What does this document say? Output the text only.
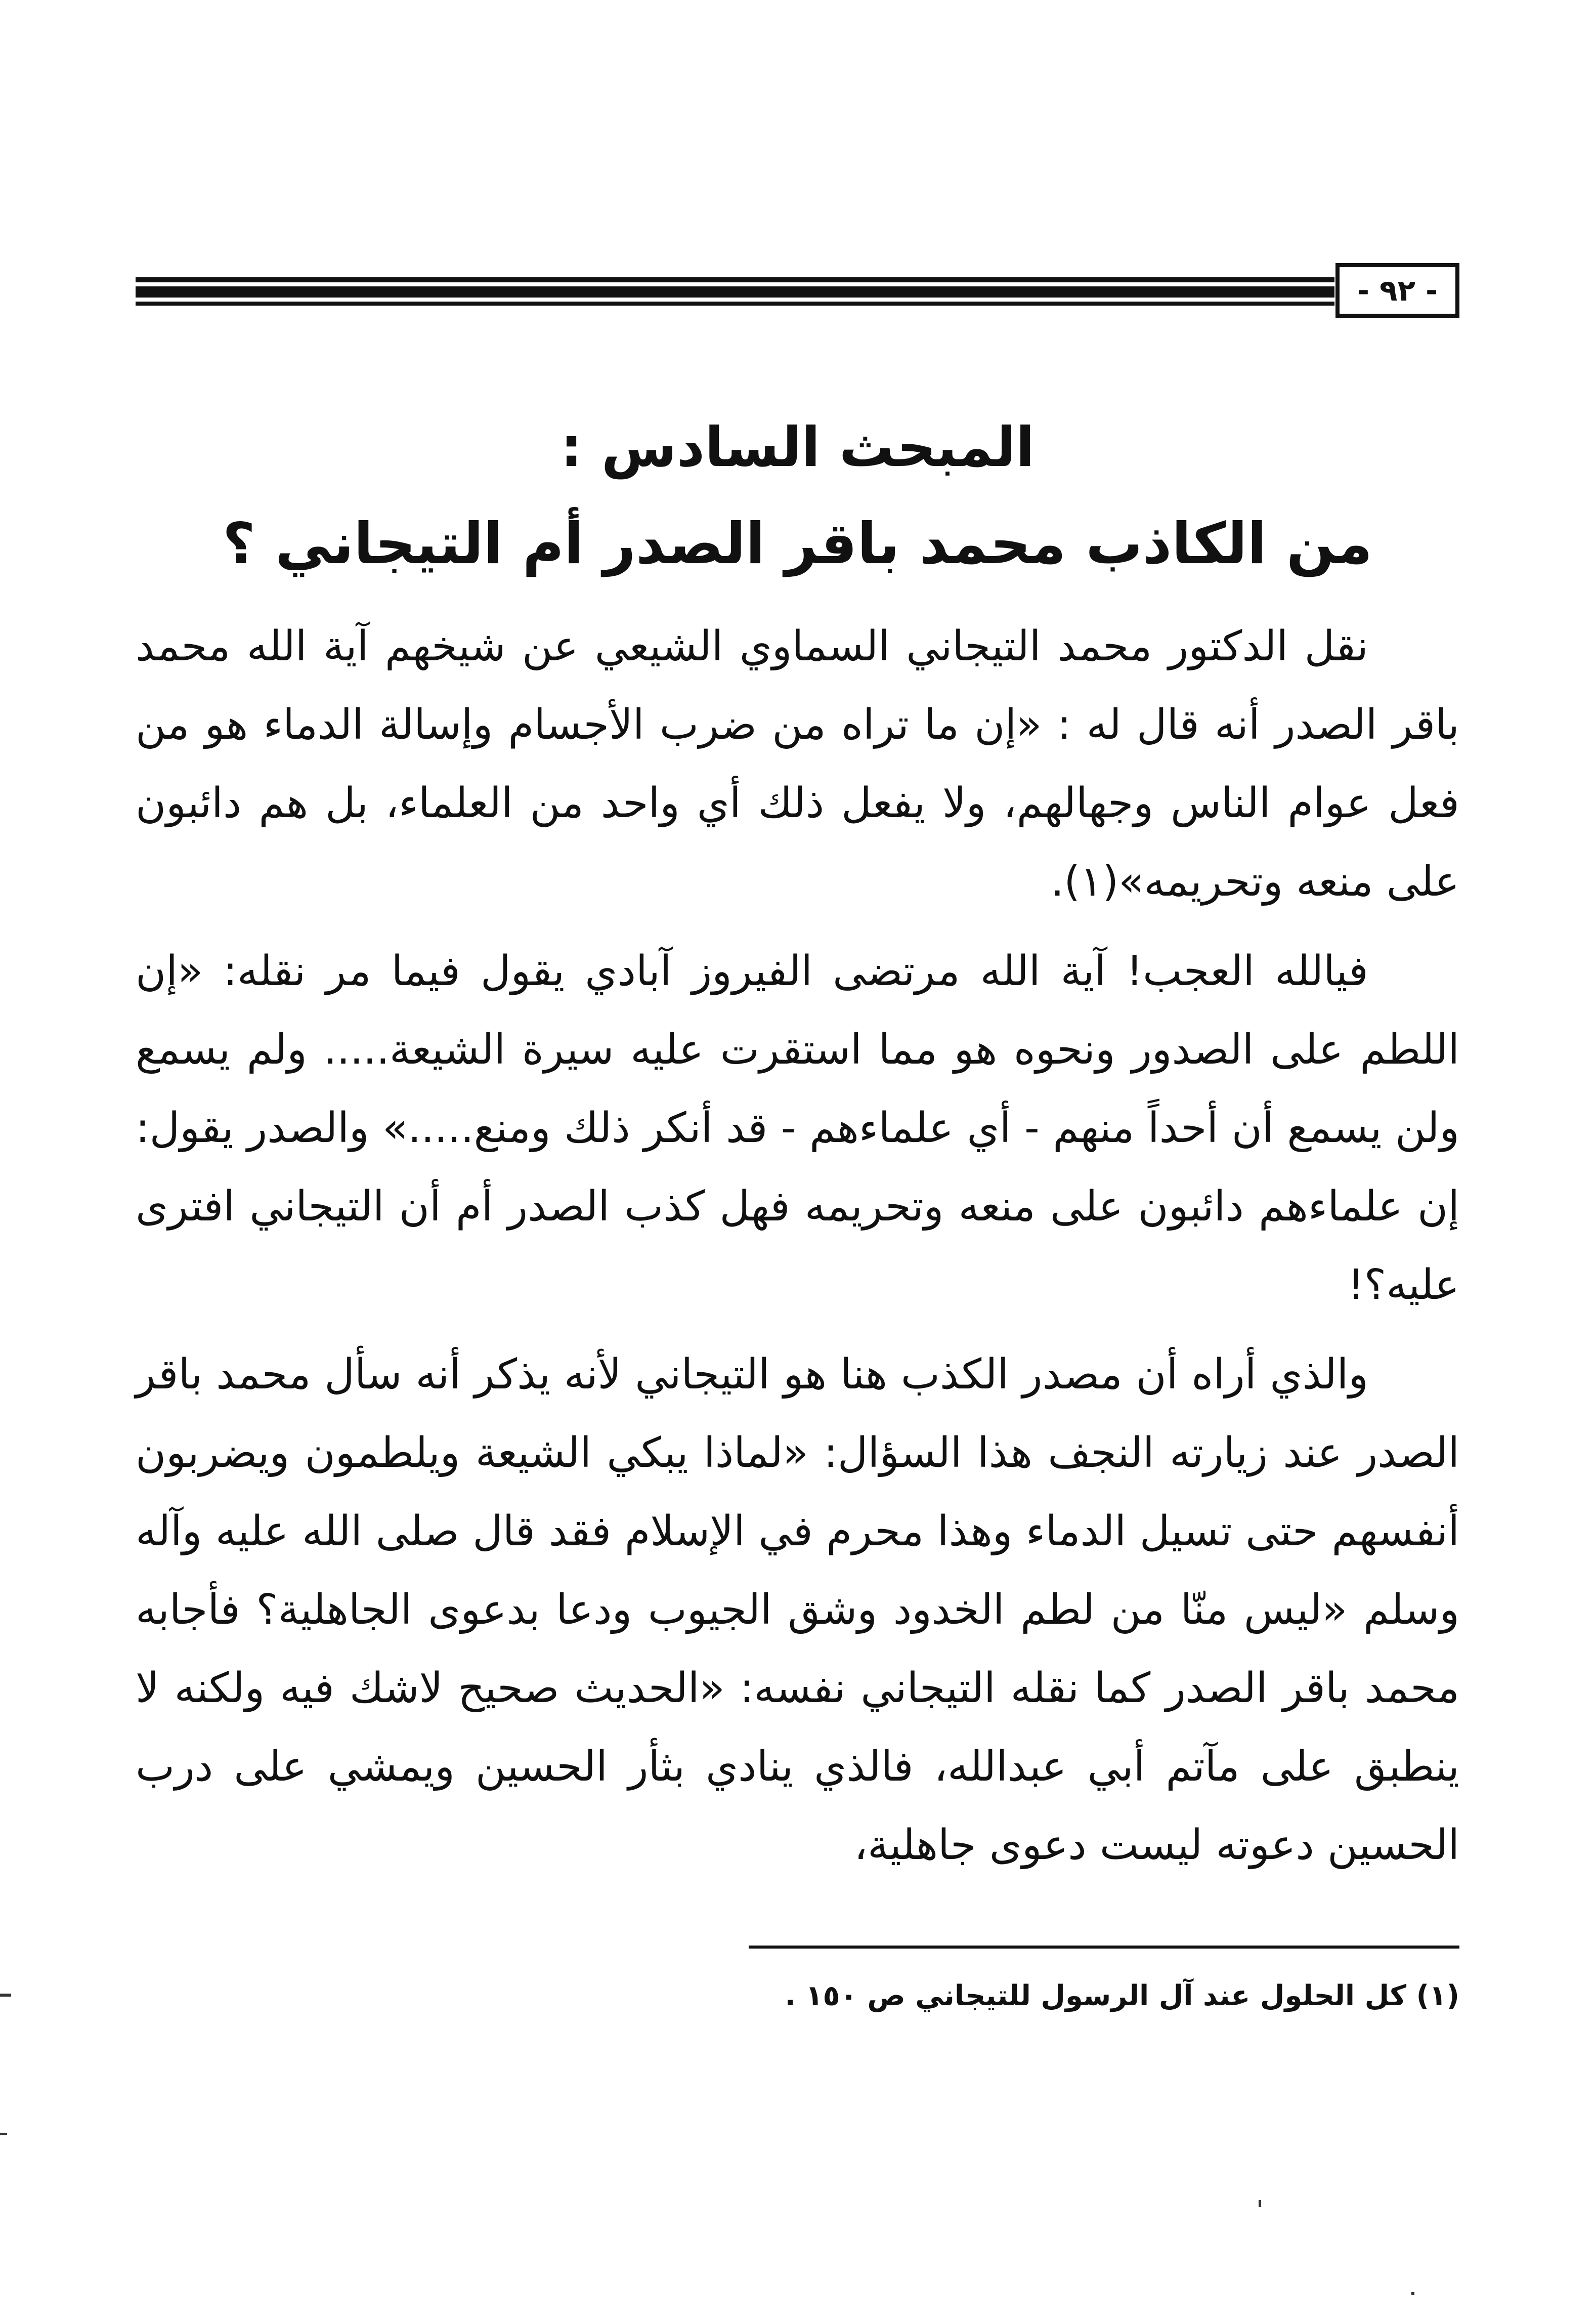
- ٩٢ -
المبحث السادس :
من الكاذب محمد باقر الصدر أم التيجاني ؟

نقل الدكتور محمد التيجاني السماوي الشيعي عن شيخهم آية الله محمد باقر الصدر أنه قال له : «إن ما تراه من ضرب الأجسام وإسالة الدماء هو من فعل عوام الناس وجهالهم، ولا يفعل ذلك أي واحد من العلماء، بل هم دائبون على منعه وتحريمه»(١).

فيالله العجب! آية الله مرتضى الفيروز آبادي يقول فيما مر نقله: «إن اللطم على الصدور ونحوه هو مما استقرت عليه سيرة الشيعة..... ولم يسمع ولن يسمع أن أحداً منهم - أي علماءهم - قد أنكر ذلك ومنع.....» والصدر يقول: إن علماءهم دائبون على منعه وتحريمه فهل كذب الصدر أم أن التيجاني افترى عليه؟!

والذي أراه أن مصدر الكذب هنا هو التيجاني لأنه يذكر أنه سأل محمد باقر الصدر عند زيارته النجف هذا السؤال: «لماذا يبكي الشيعة ويلطمون ويضربون أنفسهم حتى تسيل الدماء وهذا محرم في الإسلام فقد قال صلى الله عليه وآله وسلم «ليس منّا من لطم الخدود وشق الجيوب ودعا بدعوى الجاهلية؟ فأجابه محمد باقر الصدر كما نقله التيجاني نفسه: «الحديث صحيح لاشك فيه ولكنه لا ينطبق على مآتم أبي عبدالله، فالذي ينادي بثأر الحسين ويمشي على درب الحسين دعوته ليست دعوى جاهلية،

(١) كل الحلول عند آل الرسول للتيجاني ص ١٥٠ .
